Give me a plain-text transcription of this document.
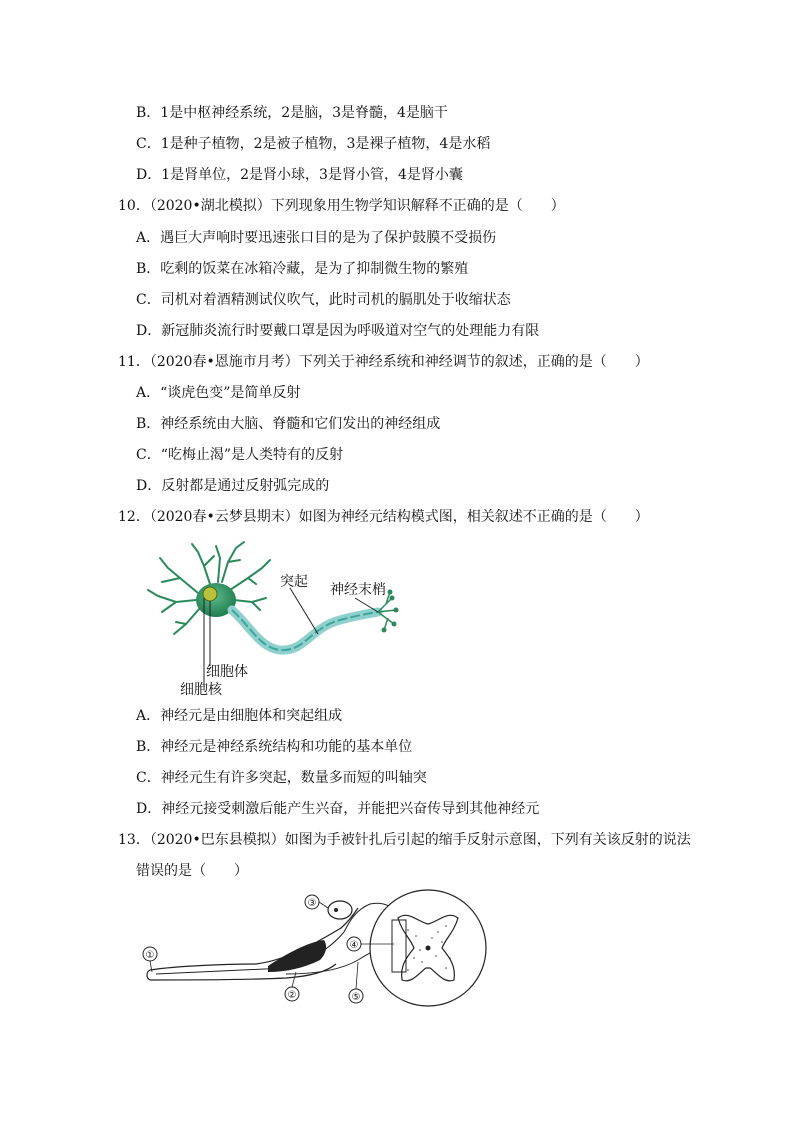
B．1是中枢神经系统，2是脑，3是脊髓，4是脑干
C．1是种子植物，2是被子植物，3是裸子植物，4是水稻
D．1是肾单位，2是肾小球，3是肾小管，4是肾小囊
10．（2020•湖北模拟）下列现象用生物学知识解释不正确的是（　　）
A．遇巨大声响时要迅速张口目的是为了保护鼓膜不受损伤
B．吃剩的饭菜在冰箱冷藏，是为了抑制微生物的繁殖
C．司机对着酒精测试仪吹气，此时司机的膈肌处于收缩状态
D．新冠肺炎流行时要戴口罩是因为呼吸道对空气的处理能力有限
11．（2020春•恩施市月考）下列关于神经系统和神经调节的叙述，正确的是（　　）
A．“谈虎色变”是简单反射
B．神经系统由大脑、脊髓和它们发出的神经组成
C．“吃梅止渴”是人类特有的反射
D．反射都是通过反射弧完成的
12．（2020春•云梦县期末）如图为神经元结构模式图，相关叙述不正确的是（　　）
突起 神经末梢
细胞体
细胞核
A．神经元是由细胞体和突起组成
B．神经元是神经系统结构和功能的基本单位
C．神经元生有许多突起，数量多而短的叫轴突
D．神经元接受刺激后能产生兴奋，并能把兴奋传导到其他神经元
13．（2020•巴东县模拟）如图为手被针扎后引起的缩手反射示意图，下列有关该反射的说法
错误的是（　　）
①
②
③
④
⑤
